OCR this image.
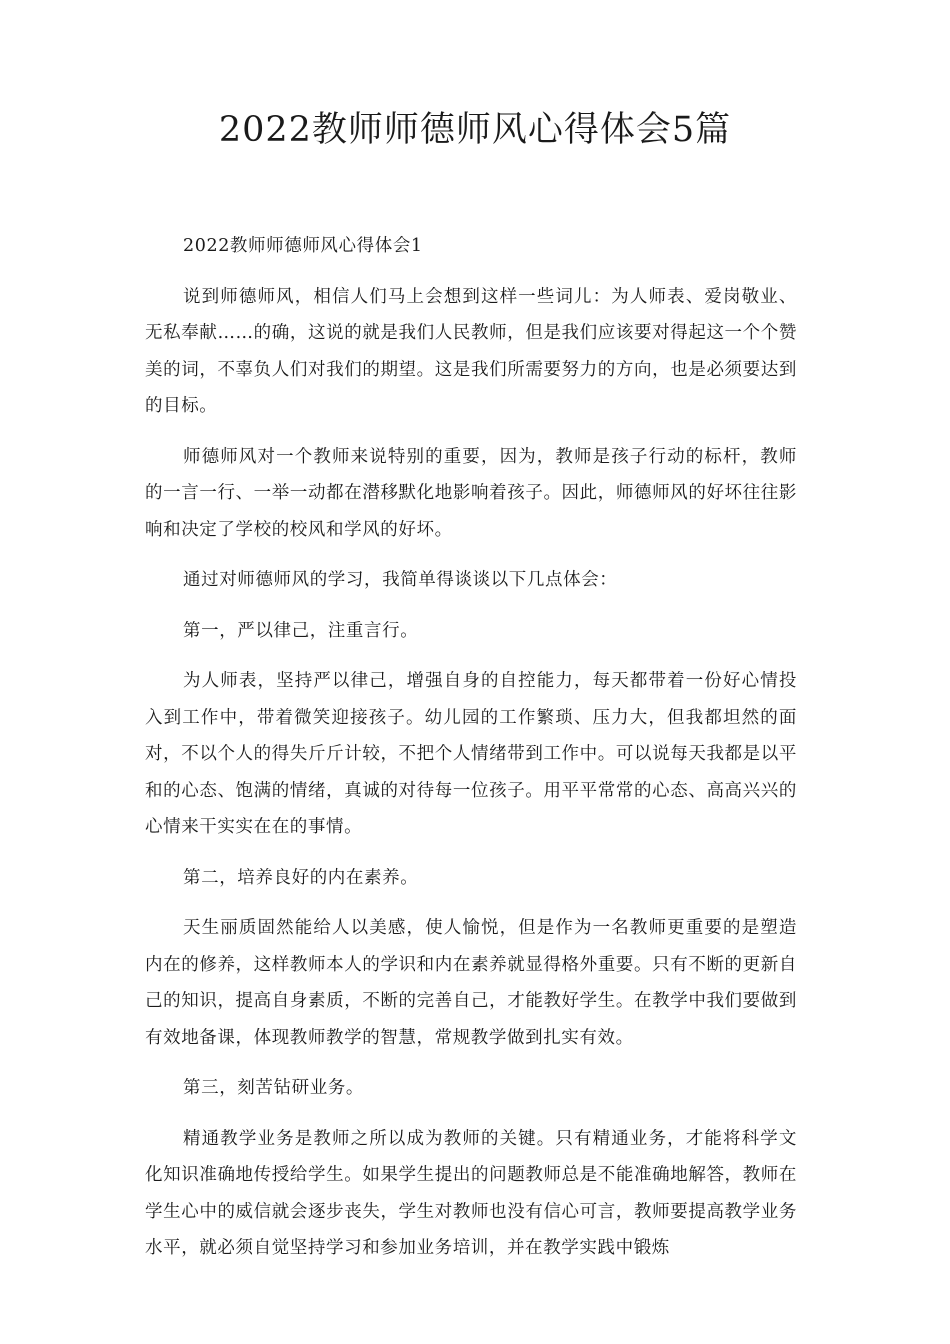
2022教师师德师风心得体会5篇

2022教师师德师风心得体会1

说到师德师风，相信人们马上会想到这样一些词儿：为人师表、爱岗敬业、无私奉献……的确，这说的就是我们人民教师，但是我们应该要对得起这一个个赞美的词，不辜负人们对我们的期望。这是我们所需要努力的方向，也是必须要达到的目标。

师德师风对一个教师来说特别的重要，因为，教师是孩子行动的标杆，教师的一言一行、一举一动都在潜移默化地影响着孩子。因此，师德师风的好坏往往影响和决定了学校的校风和学风的好坏。

通过对师德师风的学习，我简单得谈谈以下几点体会：

第一，严以律己，注重言行。

为人师表，坚持严以律己，增强自身的自控能力，每天都带着一份好心情投入到工作中，带着微笑迎接孩子。幼儿园的工作繁琐、压力大，但我都坦然的面对，不以个人的得失斤斤计较，不把个人情绪带到工作中。可以说每天我都是以平和的心态、饱满的情绪，真诚的对待每一位孩子。用平平常常的心态、高高兴兴的心情来干实实在在的事情。

第二，培养良好的内在素养。

天生丽质固然能给人以美感，使人愉悦，但是作为一名教师更重要的是塑造内在的修养，这样教师本人的学识和内在素养就显得格外重要。只有不断的更新自己的知识，提高自身素质，不断的完善自己，才能教好学生。在教学中我们要做到有效地备课，体现教师教学的智慧，常规教学做到扎实有效。

第三，刻苦钻研业务。

精通教学业务是教师之所以成为教师的关键。只有精通业务，才能将科学文化知识准确地传授给学生。如果学生提出的问题教师总是不能准确地解答，教师在学生心中的威信就会逐步丧失，学生对教师也没有信心可言，教师要提高教学业务水平，就必须自觉坚持学习和参加业务培训，并在教学实践中锻炼
